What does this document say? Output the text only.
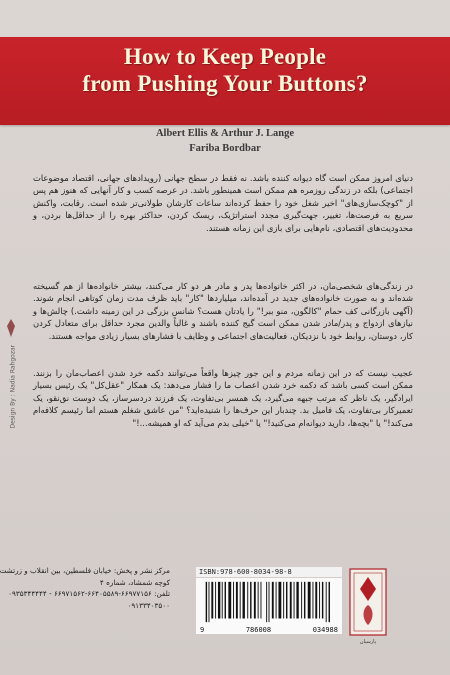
How to Keep People
from Pushing Your Buttons?
Albert Ellis & Arthur J. Lange
Fariba Bordbar
دنیای امروز ممکن است گاه دیوانه کننده باشد. نه فقط در سطح جهانی (رویدادهای جهانی، اقتصاد موضوعات اجتماعی) بلکه در زندگی روزمره هم ممکن است همینطور باشد. در عرصه کسب و کار آنهایی که هنوز هم پس از "کوچک‌سازی‌های" اخیر شغل خود را حفظ کرده‌اند ساعات کارشان طولانی‌تر شده است. رقابت، واکنش سریع به فرصت‌ها، تغییر، جهت‌گیری مجدد استراتژیک، ریسک کردن، حداکثر بهره را از حداقل‌ها بردن، و محدودیت‌های اقتصادی، نام‌هایی برای بازی این زمانه هستند.
در زندگی‌های شخصی‌مان، در اکثر خانواده‌ها پدر و مادر هر دو کار می‌کنند، بیشتر خانواده‌ها از هم گسیخته شده‌اند و به صورت خانواده‌های جدید در آمده‌اند، میلیاردها "کار" باید ظرف مدت زمان کوتاهی انجام شوند. (آگهی بازرگانی کف حمام "کالگون، منو ببر!" را یادتان هست؟ شانس بزرگی در این زمینه داشت.) چالش‌ها و نیازهای ازدواج و پدر/مادر شدن ممکن است گیج کننده باشند و غالباً والدین مجرد حداقل برای متعادل کردن کار، دوستان، روابط خود با نزدیکان، فعالیت‌های اجتماعی و وظایف با فشارهای بسیار زیادی مواجه هستند.
عجیب نیست که در این زمانه مردم و این جور چیزها واقعاً می‌توانند دکمه خرد شدن اعصاب‌مان را بزنند. ممکن است کسی باشد که دکمه خرد شدن اعصاب ما را فشار می‌دهد: یک همکار "عقل‌کل" یک رئیس بسیار ایرادگیر، یک ناظر که مرتب جبهه می‌گیرد، یک همسر بی‌تفاوت، یک فرزند دردسرساز، یک دوست نق‌نقو، یک تعمیرکار بی‌تفاوت، یک فامیل بد. چندبار این حرف‌ها را شنیده‌اید؟ "من عاشق شغلم هستم اما رئیسم کلافه‌ام می‌کند!" یا "بچه‌ها، دارید دیوانه‌ام می‌کنید!" یا "خیلی بدم می‌آید که او همیشه...!"
Design By : Nadia Rahgozar
مرکز نشر و پخش: خیابان فلسطین، بین انقلاب و زرتشت
کوچه شمشاد، شماره ۴
تلفن: ۶۶۹۷۷۱۵۶-۶۶۴۰۵۵۸۹-۶۶۹۷۱۵۶۲ - ۰۹۳۵۳۴۴۴۴۴
۰۹۱۳۳۴۰۳۵۰۰
ISBN:978-600-8034-98-8
9	786008	034988
پارسیان
